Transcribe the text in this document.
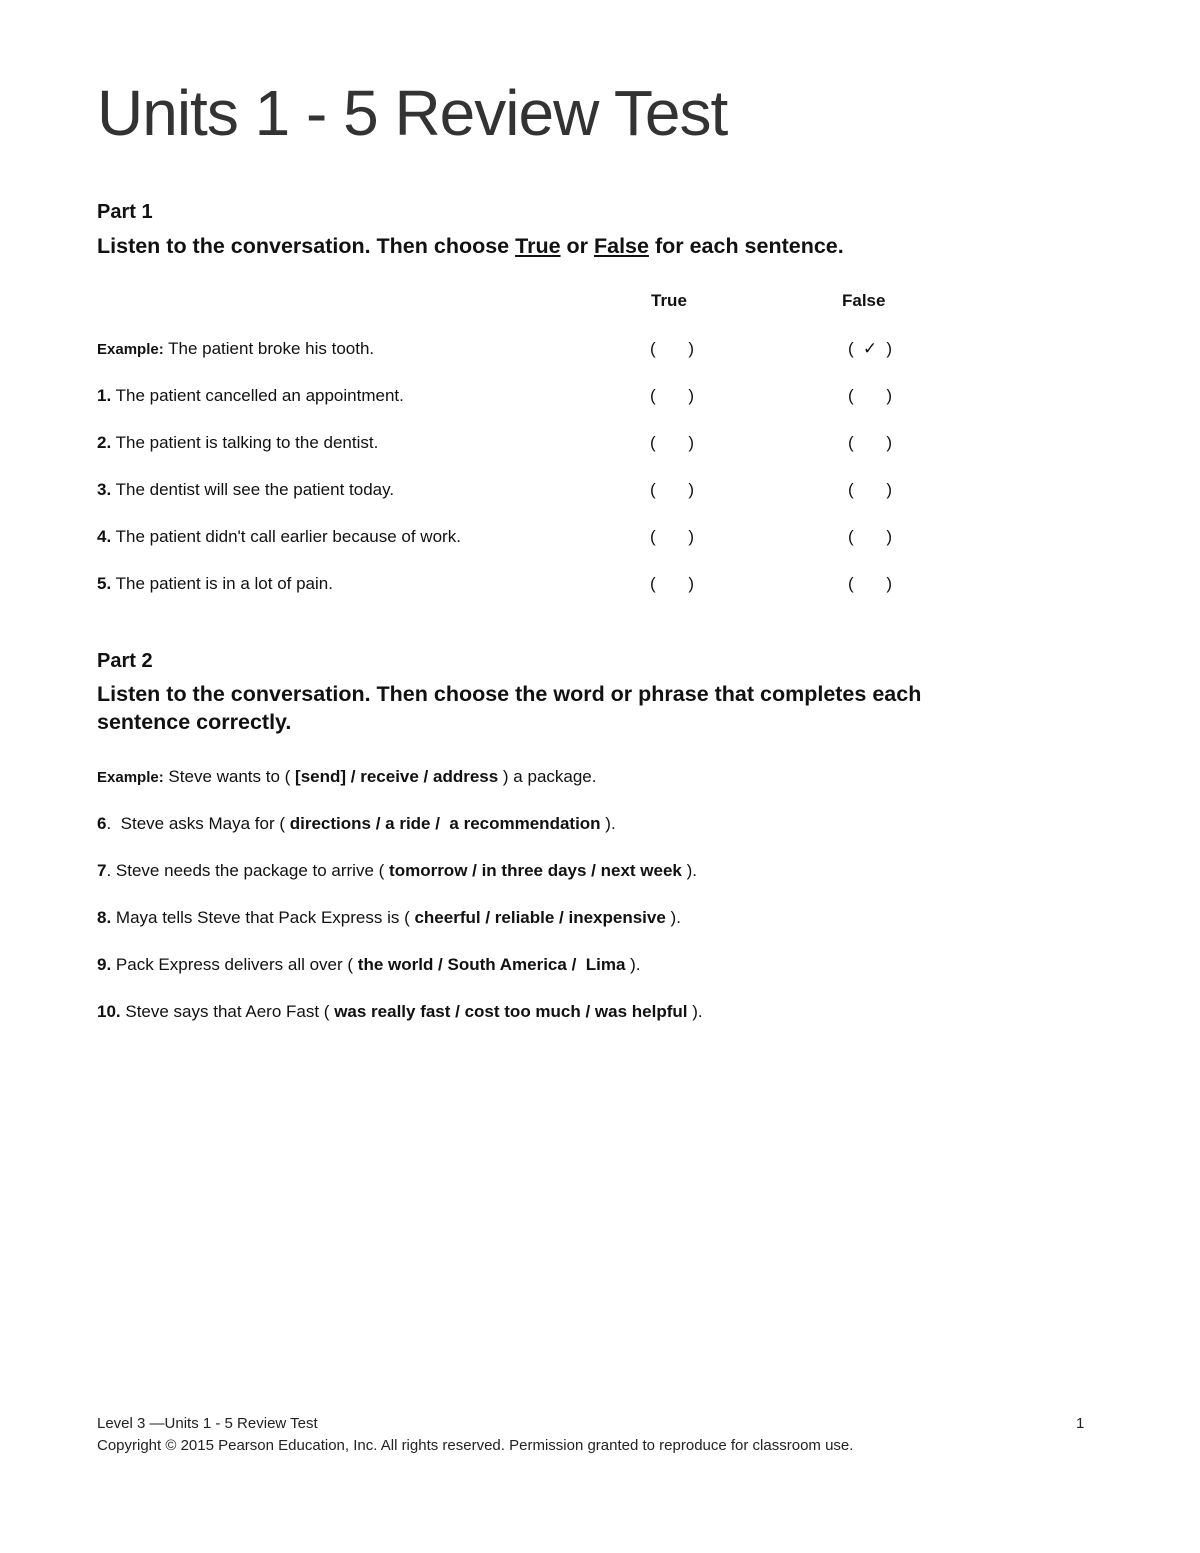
Units 1 - 5 Review Test
Part 1
Listen to the conversation. Then choose True or False for each sentence.
True	False
Example: The patient broke his tooth.	( )	( ✓ )
1. The patient cancelled an appointment.	( )	( )
2. The patient is talking to the dentist.	( )	( )
3. The dentist will see the patient today.	( )	( )
4. The patient didn't call earlier because of work.	( )	( )
5. The patient is in a lot of pain.	( )	( )
Part 2
Listen to the conversation. Then choose the word or phrase that completes each
sentence correctly.
Example: Steve wants to ( [send] / receive / address ) a package.
6.  Steve asks Maya for ( directions / a ride /  a recommendation ).
7. Steve needs the package to arrive ( tomorrow / in three days / next week ).
8. Maya tells Steve that Pack Express is ( cheerful / reliable / inexpensive ).
9. Pack Express delivers all over ( the world / South America /  Lima ).
10. Steve says that Aero Fast ( was really fast / cost too much / was helpful ).
Level 3 —Units 1 - 5 Review Test	1
Copyright © 2015 Pearson Education, Inc. All rights reserved. Permission granted to reproduce for classroom use.
